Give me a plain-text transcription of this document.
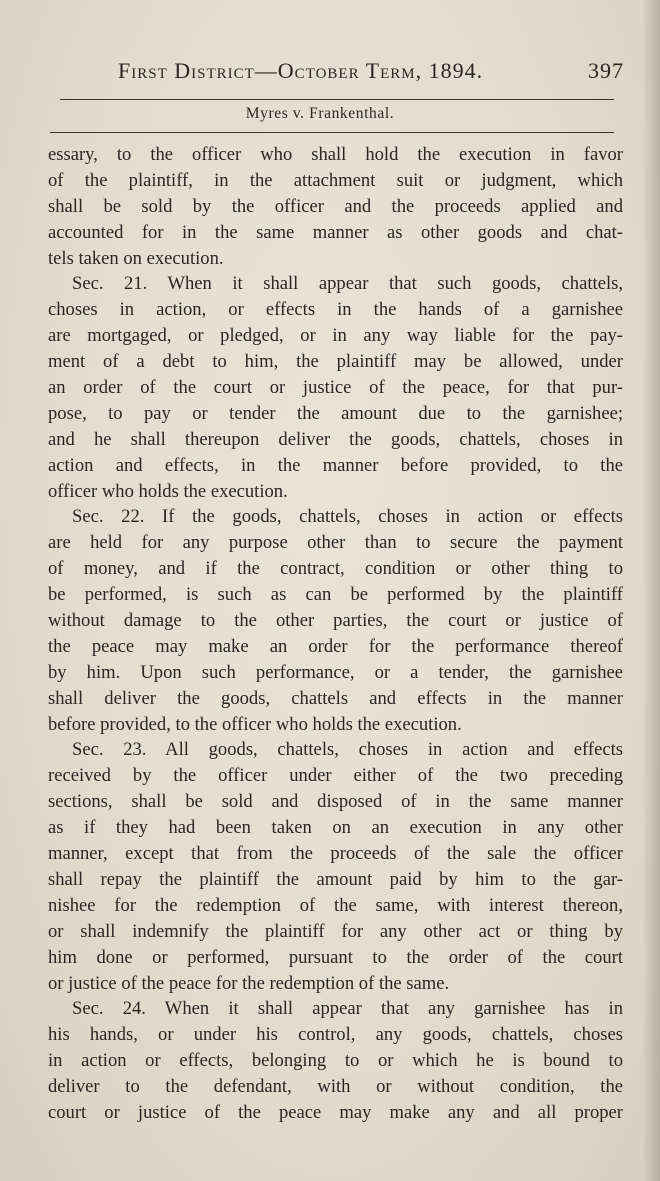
First District—October Term, 1894.	397
Myres v. Frankenthal.
essary, to the officer who shall hold the execution in favor
of the plaintiff, in the attachment suit or judgment, which
shall be sold by the officer and the proceeds applied and
accounted for in the same manner as other goods and chat-
tels taken on execution.
Sec. 21. When it shall appear that such goods, chattels,
choses in action, or effects in the hands of a garnishee
are mortgaged, or pledged, or in any way liable for the pay-
ment of a debt to him, the plaintiff may be allowed, under
an order of the court or justice of the peace, for that pur-
pose, to pay or tender the amount due to the garnishee;
and he shall thereupon deliver the goods, chattels, choses in
action and effects, in the manner before provided, to the
officer who holds the execution.
Sec. 22. If the goods, chattels, choses in action or effects
are held for any purpose other than to secure the payment
of money, and if the contract, condition or other thing to
be performed, is such as can be performed by the plaintiff
without damage to the other parties, the court or justice of
the peace may make an order for the performance thereof
by him. Upon such performance, or a tender, the garnishee
shall deliver the goods, chattels and effects in the manner
before provided, to the officer who holds the execution.
Sec. 23. All goods, chattels, choses in action and effects
received by the officer under either of the two preceding
sections, shall be sold and disposed of in the same manner
as if they had been taken on an execution in any other
manner, except that from the proceeds of the sale the officer
shall repay the plaintiff the amount paid by him to the gar-
nishee for the redemption of the same, with interest thereon,
or shall indemnify the plaintiff for any other act or thing by
him done or performed, pursuant to the order of the court
or justice of the peace for the redemption of the same.
Sec. 24. When it shall appear that any garnishee has in
his hands, or under his control, any goods, chattels, choses
in action or effects, belonging to or which he is bound to
deliver to the defendant, with or without condition, the
court or justice of the peace may make any and all proper
